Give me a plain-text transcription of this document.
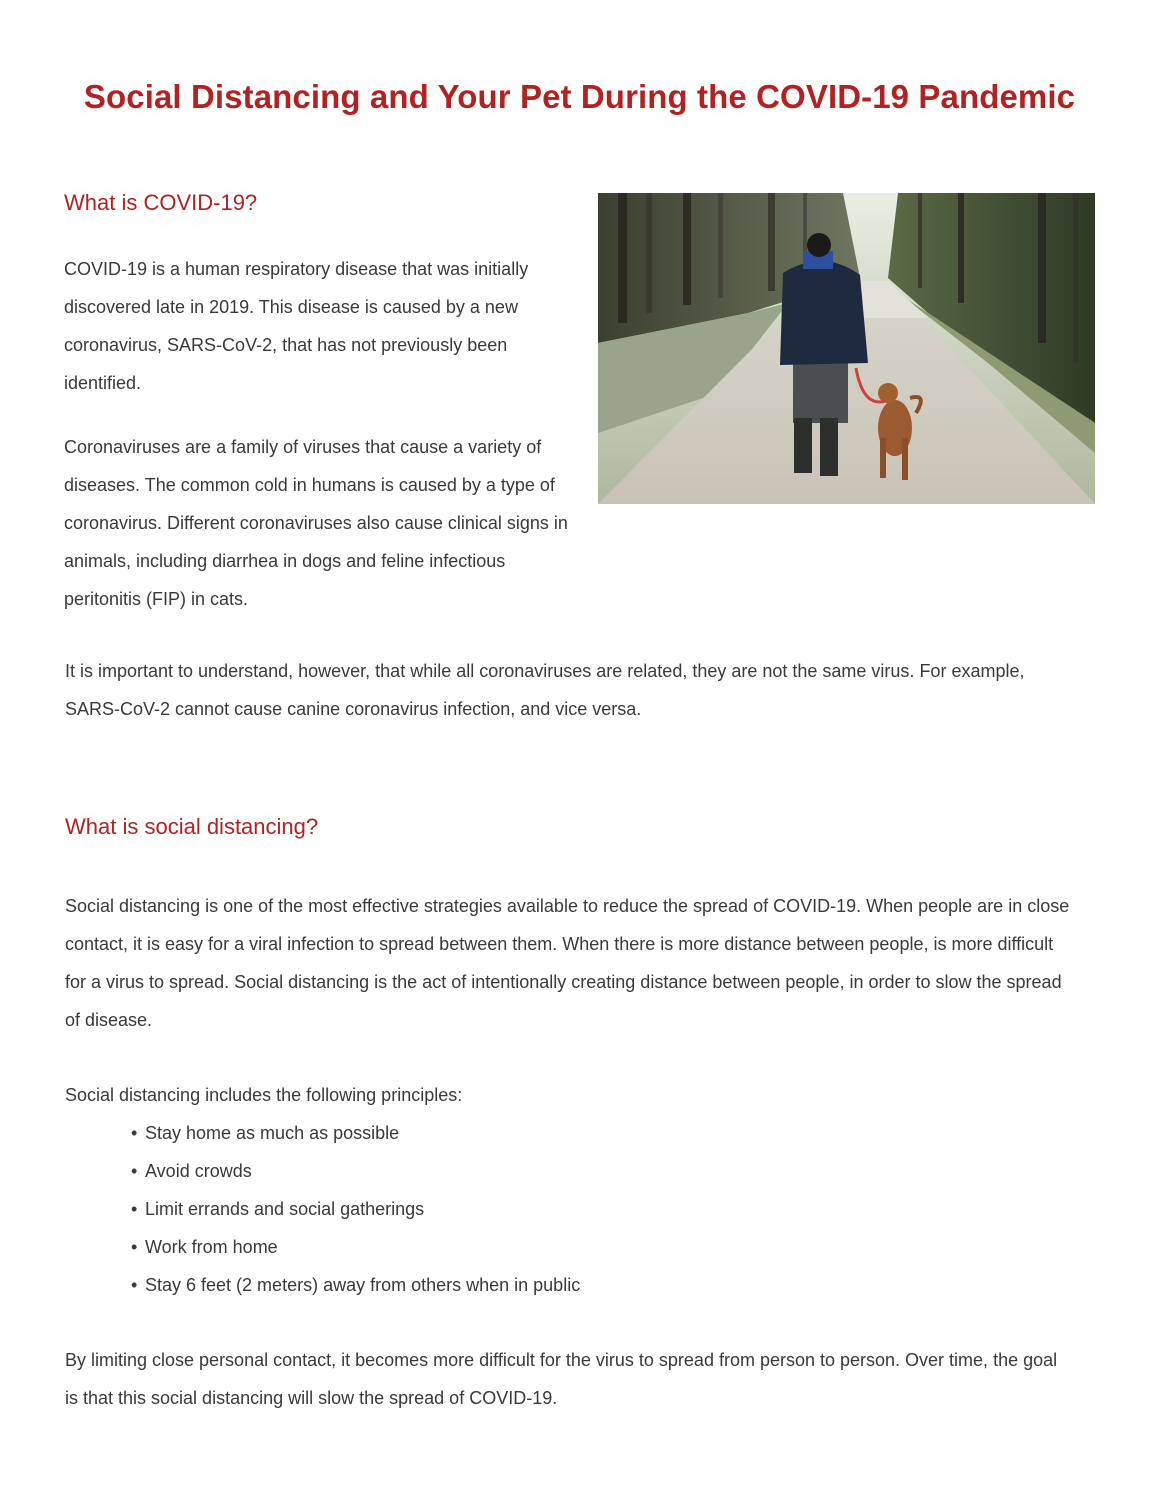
Social Distancing and Your Pet During the COVID-19 Pandemic
What is COVID-19?

COVID-19 is a human respiratory disease that was initially discovered late in 2019. This disease is caused by a new coronavirus, SARS-CoV-2, that has not previously been identified.

Coronaviruses are a family of viruses that cause a variety of diseases. The common cold in humans is caused by a type of coronavirus. Different coronaviruses also cause clinical signs in animals, including diarrhea in dogs and feline infectious peritonitis (FIP) in cats.

It is important to understand, however, that while all coronaviruses are related, they are not the same virus. For example, SARS-CoV-2 cannot cause canine coronavirus infection, and vice versa.

What is social distancing?

Social distancing is one of the most effective strategies available to reduce the spread of COVID-19. When people are in close contact, it is easy for a viral infection to spread between them. When there is more distance between people, is more difficult for a virus to spread. Social distancing is the act of intentionally creating distance between people, in order to slow the spread of disease.

Social distancing includes the following principles:

• Stay home as much as possible
• Avoid crowds
• Limit errands and social gatherings
• Work from home
• Stay 6 feet (2 meters) away from others when in public

By limiting close personal contact, it becomes more difficult for the virus to spread from person to person. Over time, the goal is that this social distancing will slow the spread of COVID-19.
